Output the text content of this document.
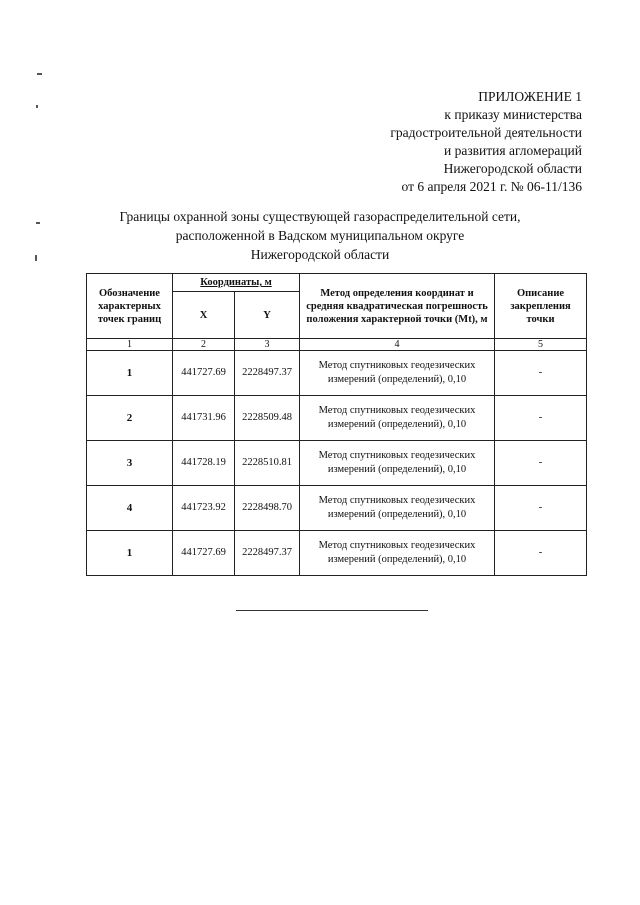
ПРИЛОЖЕНИЕ 1
к приказу министерства
градостроительной деятельности
и развития агломераций
Нижегородской области
от 6 апреля 2021 г. № 06-11/136
Границы охранной зоны существующей газораспределительной сети,
расположенной в Вадском муниципальном округе
Нижегородской области
Обозначение характерных точек границ	Координаты, м		Метод определения координат и средняя квадратическая погрешность положения характерной точки (Mt), м	Описание закрепления точки
	X	Y		
1	2	3	4	5
1	441727.69	2228497.37	Метод спутниковых геодезических измерений (определений), 0,10	-
2	441731.96	2228509.48	Метод спутниковых геодезических измерений (определений), 0,10	-
3	441728.19	2228510.81	Метод спутниковых геодезических измерений (определений), 0,10	-
4	441723.92	2228498.70	Метод спутниковых геодезических измерений (определений), 0,10	-
1	441727.69	2228497.37	Метод спутниковых геодезических измерений (определений), 0,10	-
